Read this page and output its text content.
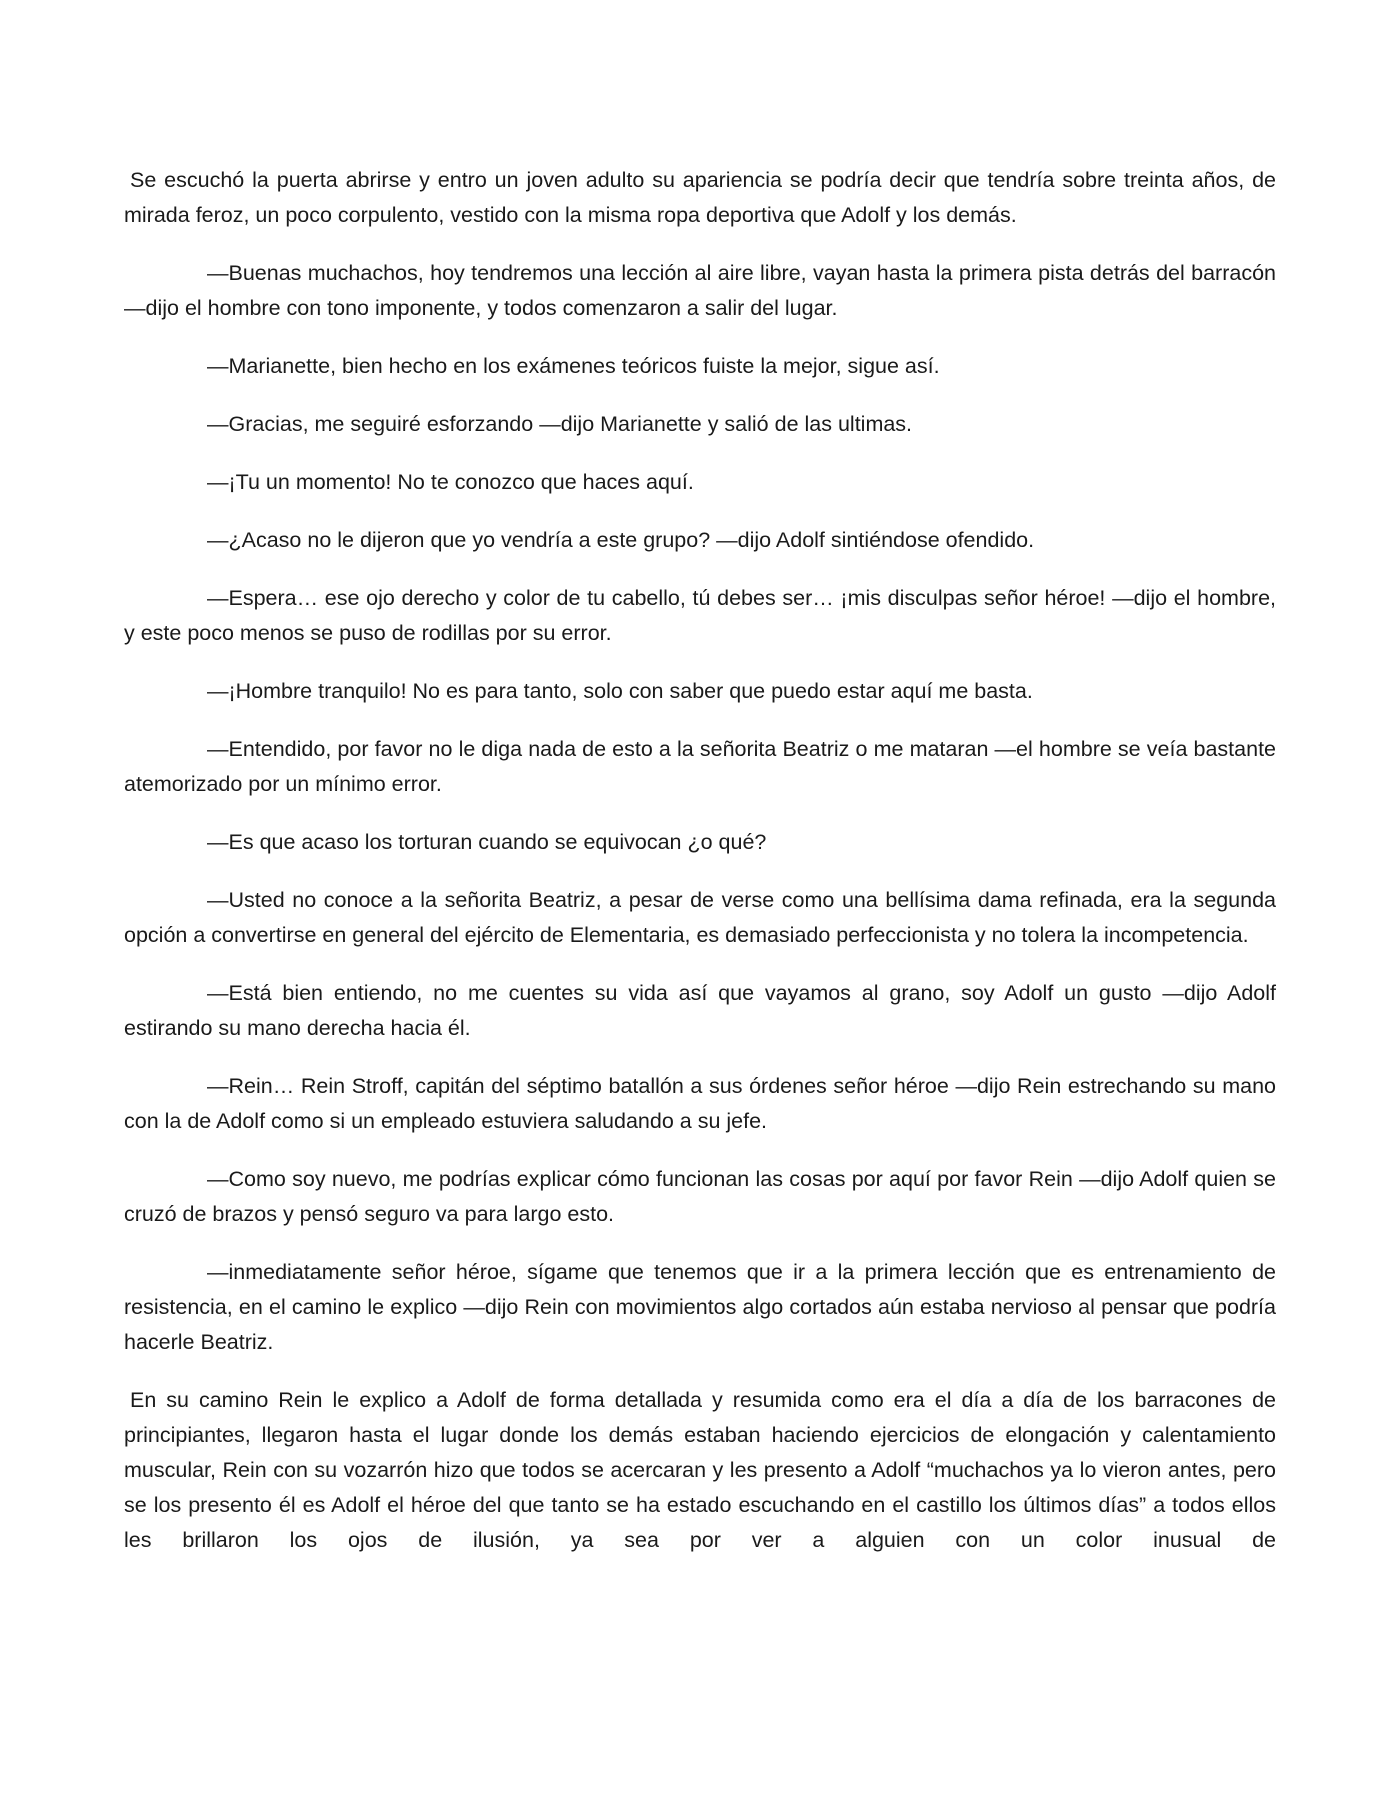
Se escuchó la puerta abrirse y entro un joven adulto su apariencia se podría decir que tendría sobre treinta años, de mirada feroz, un poco corpulento, vestido con la misma ropa deportiva que Adolf y los demás.

—Buenas muchachos, hoy tendremos una lección al aire libre, vayan hasta la primera pista detrás del barracón —dijo el hombre con tono imponente, y todos comenzaron a salir del lugar.

—Marianette, bien hecho en los exámenes teóricos fuiste la mejor, sigue así.

—Gracias, me seguiré esforzando —dijo Marianette y salió de las ultimas.

—¡Tu un momento! No te conozco que haces aquí.

—¿Acaso no le dijeron que yo vendría a este grupo? —dijo Adolf sintiéndose ofendido.

—Espera… ese ojo derecho y color de tu cabello, tú debes ser… ¡mis disculpas señor héroe! —dijo el hombre, y este poco menos se puso de rodillas por su error.

—¡Hombre tranquilo! No es para tanto, solo con saber que puedo estar aquí me basta.

—Entendido, por favor no le diga nada de esto a la señorita Beatriz o me mataran —el hombre se veía bastante atemorizado por un mínimo error.

—Es que acaso los torturan cuando se equivocan ¿o qué?

—Usted no conoce a la señorita Beatriz, a pesar de verse como una bellísima dama refinada, era la segunda opción a convertirse en general del ejército de Elementaria, es demasiado perfeccionista y no tolera la incompetencia.

—Está bien entiendo, no me cuentes su vida así que vayamos al grano, soy Adolf un gusto —dijo Adolf estirando su mano derecha hacia él.

—Rein… Rein Stroff, capitán del séptimo batallón a sus órdenes señor héroe —dijo Rein estrechando su mano con la de Adolf como si un empleado estuviera saludando a su jefe.

—Como soy nuevo, me podrías explicar cómo funcionan las cosas por aquí por favor Rein —dijo Adolf quien se cruzó de brazos y pensó seguro va para largo esto.

—inmediatamente señor héroe, sígame que tenemos que ir a la primera lección que es entrenamiento de resistencia, en el camino le explico —dijo Rein con movimientos algo cortados aún estaba nervioso al pensar que podría hacerle Beatriz.

En su camino Rein le explico a Adolf de forma detallada y resumida como era el día a día de los barracones de principiantes, llegaron hasta el lugar donde los demás estaban haciendo ejercicios de elongación y calentamiento muscular, Rein con su vozarrón hizo que todos se acercaran y les presento a Adolf “muchachos ya lo vieron antes, pero se los presento él es Adolf el héroe del que tanto se ha estado escuchando en el castillo los últimos días” a todos ellos les brillaron los ojos de ilusión, ya sea por ver a alguien con un color inusual de
